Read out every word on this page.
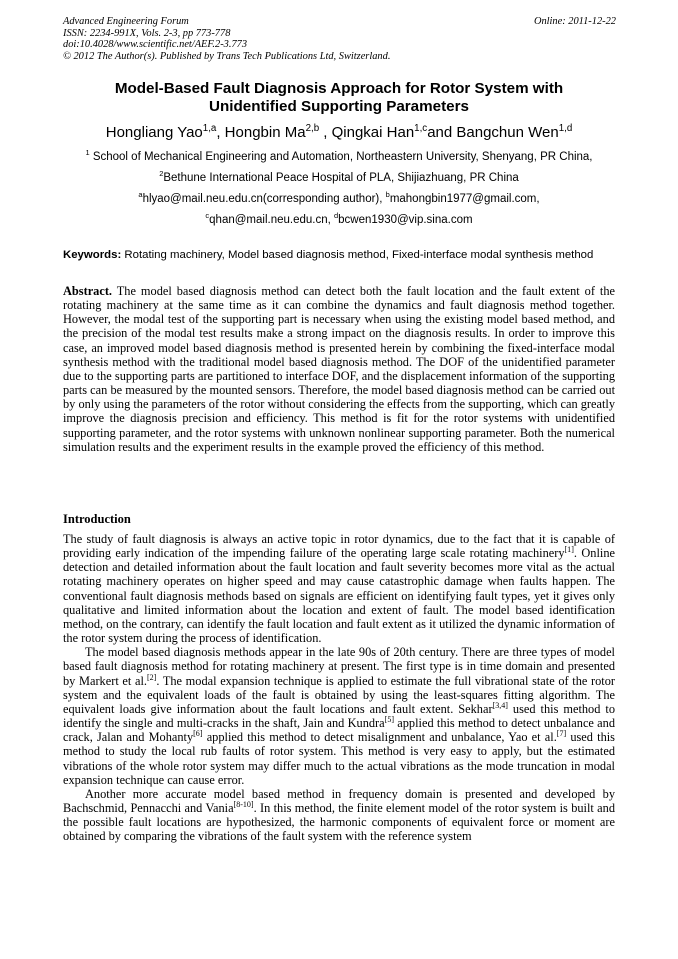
Advanced Engineering Forum	Online: 2011-12-22
ISSN: 2234-991X, Vols. 2-3, pp 773-778
doi:10.4028/www.scientific.net/AEF.2-3.773
© 2012 The Author(s). Published by Trans Tech Publications Ltd, Switzerland.
Model-Based Fault Diagnosis Approach for Rotor System with
Unidentified Supporting Parameters
Hongliang Yao$^{1,a}$, Hongbin Ma$^{2,b}$ , Qingkai Han$^{1,c}$and Bangchun Wen$^{1,d}$
$^1$ School of Mechanical Engineering and Automation, Northeastern University, Shenyang, PR China,
$^2$Bethune International Peace Hospital of PLA, Shijiazhuang, PR China
$^a$hlyao@mail.neu.edu.cn(corresponding author), $^b$mahongbin1977@gmail.com,
$^c$qhan@mail.neu.edu.cn, $^d$bcwen1930@vip.sina.com
Keywords: Rotating machinery, Model based diagnosis method, Fixed-interface modal synthesis method

Abstract. The model based diagnosis method can detect both the fault location and the fault extent of the rotating machinery at the same time as it can combine the dynamics and fault diagnosis method together. However, the modal test of the supporting part is necessary when using the existing model based method, and the precision of the modal test results make a strong impact on the diagnosis results. In order to improve this case, an improved model based diagnosis method is presented herein by combining the fixed-interface modal synthesis method with the traditional model based diagnosis method. The DOF of the unidentified parameter due to the supporting parts are partitioned to interface DOF, and the displacement information of the supporting parts can be measured by the mounted sensors. Therefore, the model based diagnosis method can be carried out by only using the parameters of the rotor without considering the effects from the supporting, which can greatly improve the diagnosis precision and efficiency. This method is fit for the rotor systems with unidentified supporting parameter, and the rotor systems with unknown nonlinear supporting parameter. Both the numerical simulation results and the experiment results in the example proved the efficiency of this method.

Introduction

The study of fault diagnosis is always an active topic in rotor dynamics, due to the fact that it is capable of providing early indication of the impending failure of the operating large scale rotating machinery[1]. Online detection and detailed information about the fault location and fault severity becomes more vital as the actual rotating machinery operates on higher speed and may cause catastrophic damage when faults happen. The conventional fault diagnosis methods based on signals are efficient on identifying fault types, yet it gives only qualitative and limited information about the location and extent of fault. The model based identification method, on the contrary, can identify the fault location and fault extent as it utilized the dynamic information of the rotor system during the process of identification.

The model based diagnosis methods appear in the late 90s of 20th century. There are three types of model based fault diagnosis method for rotating machinery at present. The first type is in time domain and presented by Markert et al.[2]. The modal expansion technique is applied to estimate the full vibrational state of the rotor system and the equivalent loads of the fault is obtained by using the least-squares fitting algorithm. The equivalent loads give information about the fault locations and fault extent. Sekhar[3,4] used this method to identify the single and multi-cracks in the shaft, Jain and Kundra[5] applied this method to detect unbalance and crack, Jalan and Mohanty[6] applied this method to detect misalignment and unbalance, Yao et al.[7] used this method to study the local rub faults of rotor system. This method is very easy to apply, but the estimated vibrations of the whole rotor system may differ much to the actual vibrations as the mode truncation in modal expansion technique can cause error.

Another more accurate model based method in frequency domain is presented and developed by Bachschmid, Pennacchi and Vania[8-10]. In this method, the finite element model of the rotor system is built and the possible fault locations are hypothesized, the harmonic components of equivalent force or moment are obtained by comparing the vibrations of the fault system with the reference system
